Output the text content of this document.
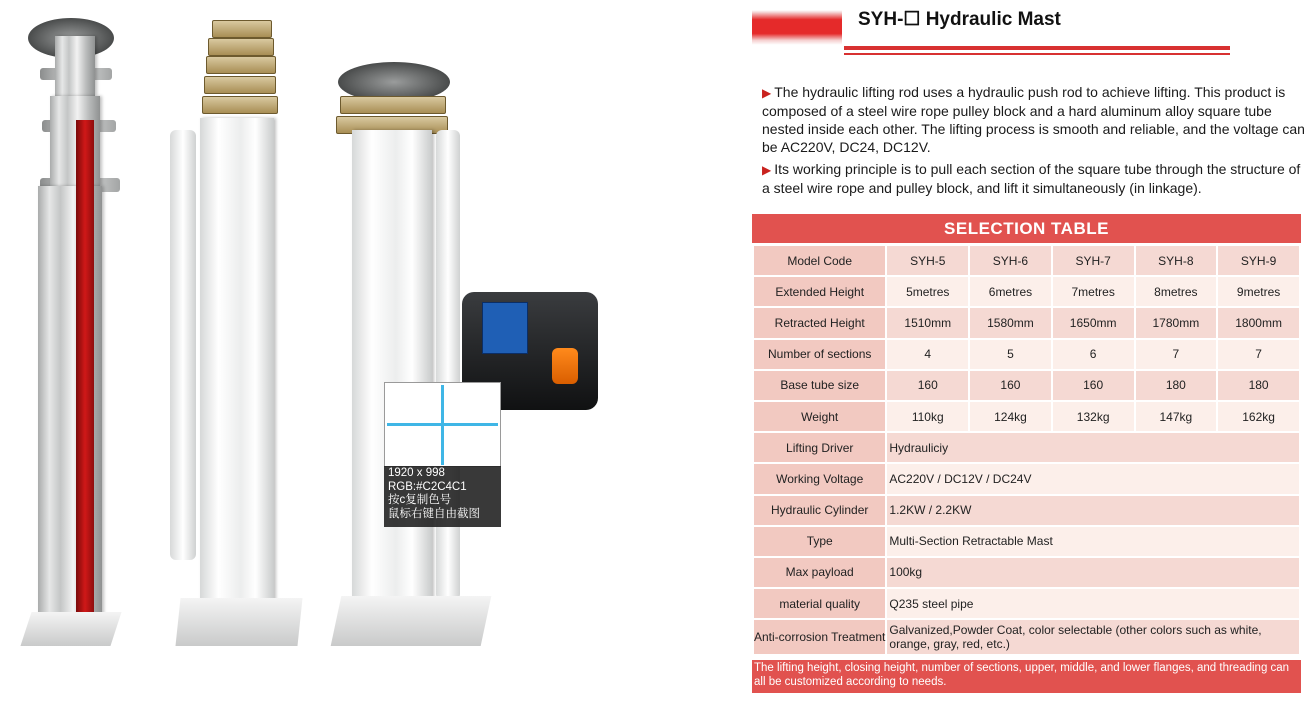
1920 x 998
RGB:#C2C4C1
按c复制色号
鼠标右键自由截图
SYH-☐ Hydraulic Mast
▶ The hydraulic lifting rod uses a hydraulic push rod to achieve lifting. This product is composed of a steel wire rope pulley block and a hard aluminum alloy square tube nested inside each other. The lifting process is smooth and reliable, and the voltage can be AC220V, DC24, DC12V.
▶ Its working principle is to pull each section of the square tube through the structure of a steel wire rope and pulley block, and lift it simultaneously (in linkage).
SELECTION TABLE
Model Code	SYH-5	SYH-6	SYH-7	SYH-8	SYH-9
Extended Height	5metres	6metres	7metres	8metres	9metres
Retracted Height	1510mm	1580mm	1650mm	1780mm	1800mm
Number of sections	4	5	6	7	7
Base tube size	160	160	160	180	180
Weight	110kg	124kg	132kg	147kg	162kg
Lifting Driver	Hydrauliciy				
Working Voltage	AC220V / DC12V / DC24V				
Hydraulic Cylinder	1.2KW / 2.2KW				
Type	Multi-Section Retractable Mast				
Max payload	100kg				
material quality	Q235 steel pipe				
Anti-corrosion Treatment	Galvanized,Powder Coat, color selectable (other colors such as white, orange, gray, red, etc.)				
The lifting height, closing height, number of sections, upper, middle, and lower flanges, and threading can all be customized according to needs.
